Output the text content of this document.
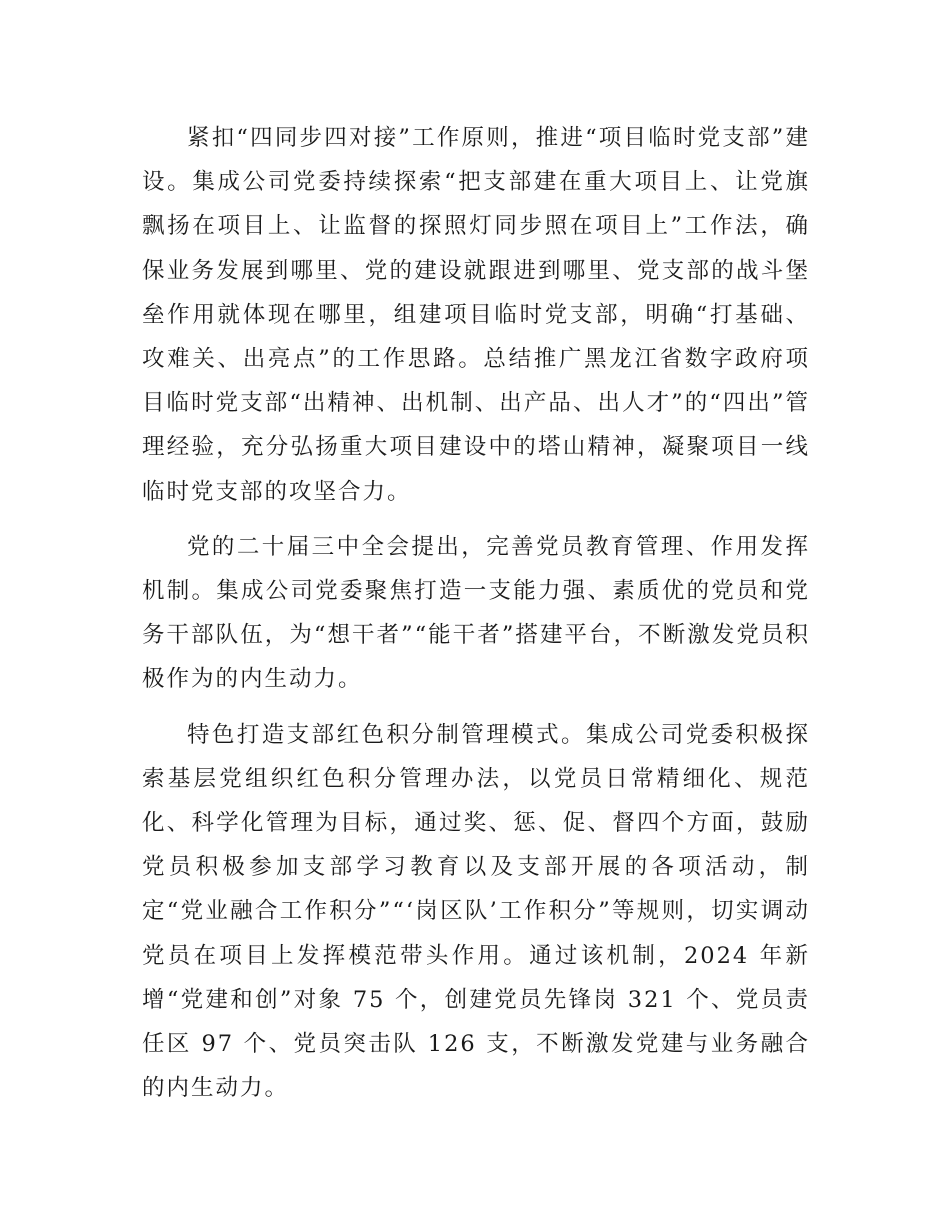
紧扣“四同步四对接”工作原则，推进“项目临时党支部”建设。集成公司党委持续探索“把支部建在重大项目上、让党旗飘扬在项目上、让监督的探照灯同步照在项目上”工作法，确保业务发展到哪里、党的建设就跟进到哪里、党支部的战斗堡垒作用就体现在哪里，组建项目临时党支部，明确“打基础、攻难关、出亮点”的工作思路。总结推广黑龙江省数字政府项目临时党支部“出精神、出机制、出产品、出人才”的“四出”管理经验，充分弘扬重大项目建设中的塔山精神，凝聚项目一线临时党支部的攻坚合力。

党的二十届三中全会提出，完善党员教育管理、作用发挥机制。集成公司党委聚焦打造一支能力强、素质优的党员和党务干部队伍，为“想干者”“能干者”搭建平台，不断激发党员积极作为的内生动力。

特色打造支部红色积分制管理模式。集成公司党委积极探索基层党组织红色积分管理办法，以党员日常精细化、规范化、科学化管理为目标，通过奖、惩、促、督四个方面，鼓励党员积极参加支部学习教育以及支部开展的各项活动，制定“党业融合工作积分”“‘岗区队’工作积分”等规则，切实调动党员在项目上发挥模范带头作用。通过该机制，2024 年新增“党建和创”对象 75 个，创建党员先锋岗 321 个、党员责任区 97 个、党员突击队 126 支，不断激发党建与业务融合的内生动力。
